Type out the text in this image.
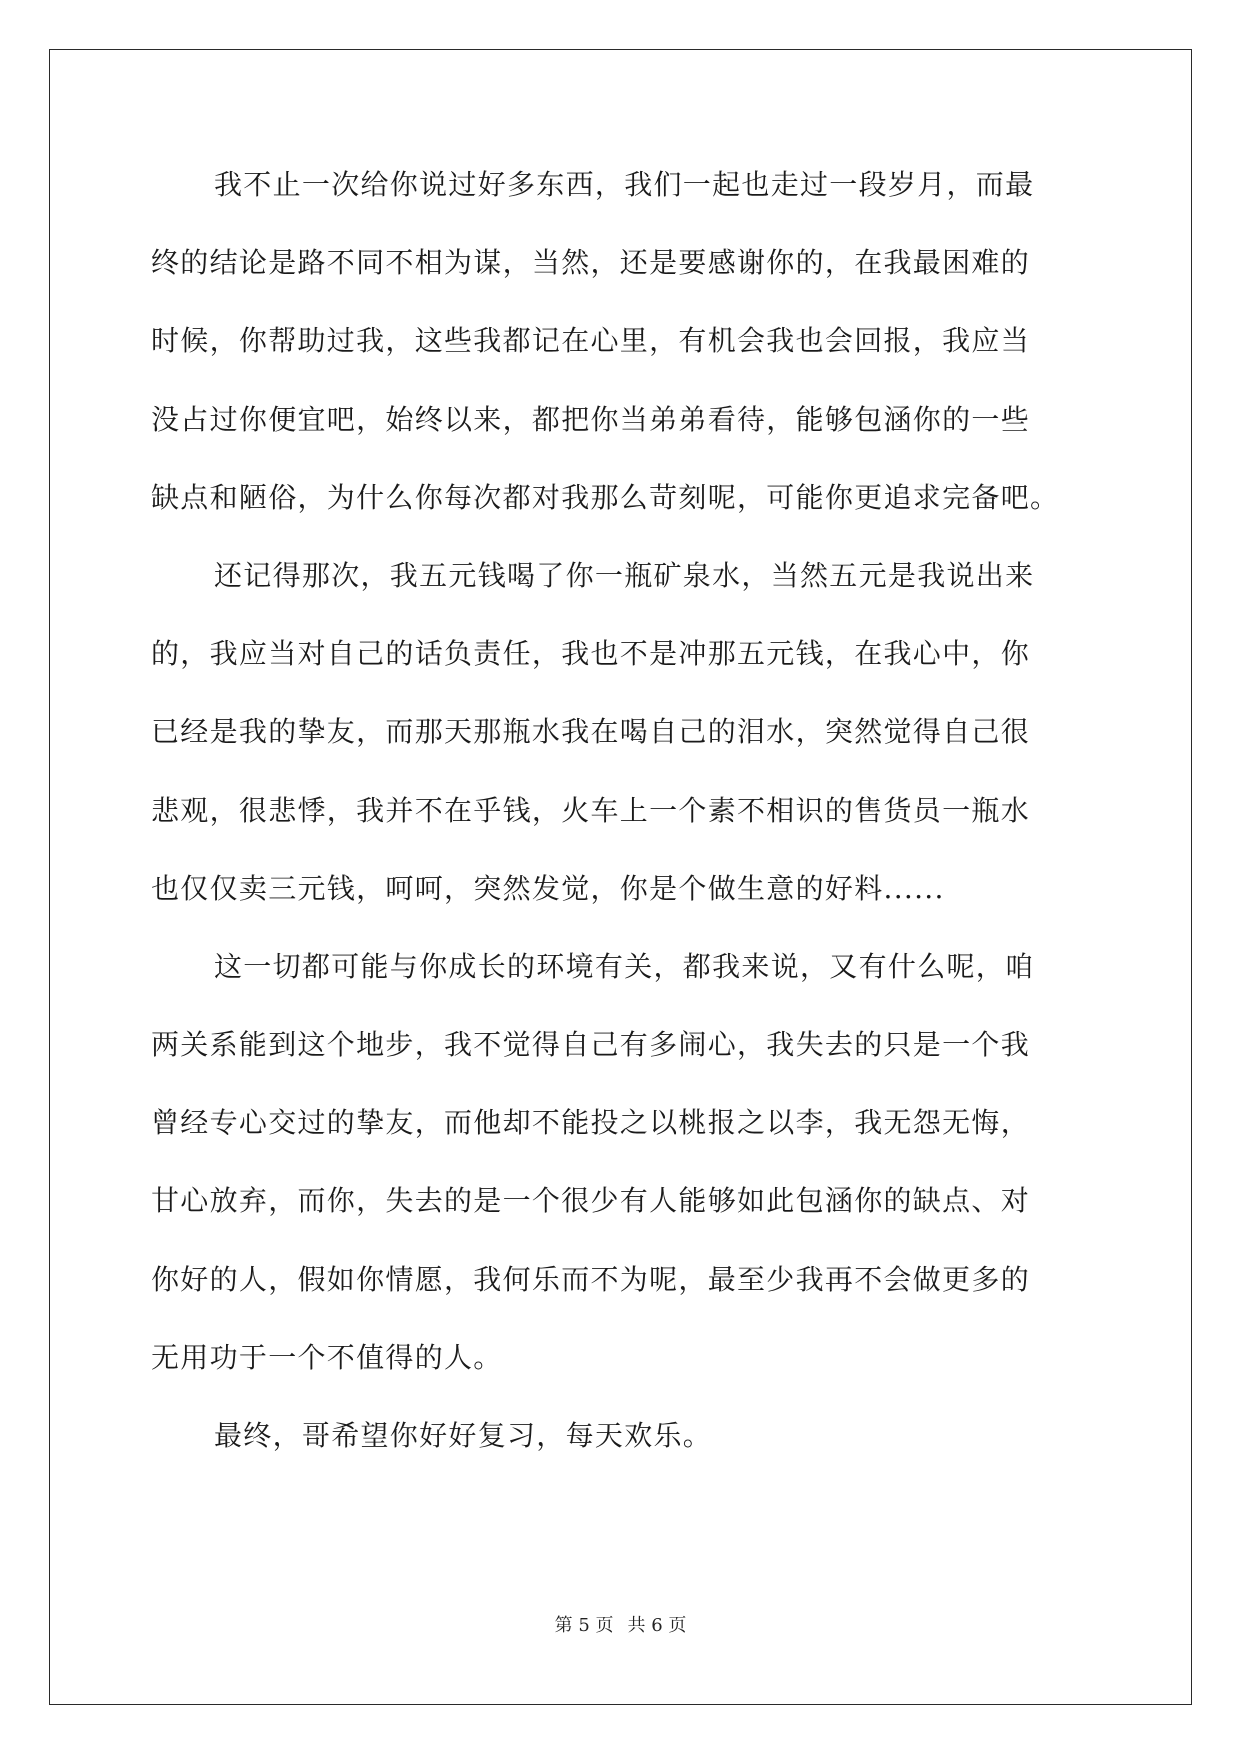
我不止一次给你说过好多东西，我们一起也走过一段岁月，而最
终的结论是路不同不相为谋，当然，还是要感谢你的，在我最困难的
时候，你帮助过我，这些我都记在心里，有机会我也会回报，我应当
没占过你便宜吧，始终以来，都把你当弟弟看待，能够包涵你的一些
缺点和陋俗，为什么你每次都对我那么苛刻呢，可能你更追求完备吧。
还记得那次，我五元钱喝了你一瓶矿泉水，当然五元是我说出来
的，我应当对自己的话负责任，我也不是冲那五元钱，在我心中，你
已经是我的挚友，而那天那瓶水我在喝自己的泪水，突然觉得自己很
悲观，很悲悸，我并不在乎钱，火车上一个素不相识的售货员一瓶水
也仅仅卖三元钱，呵呵，突然发觉，你是个做生意的好料......
这一切都可能与你成长的环境有关，都我来说，又有什么呢，咱
两关系能到这个地步，我不觉得自己有多闹心，我失去的只是一个我
曾经专心交过的挚友，而他却不能投之以桃报之以李，我无怨无悔，
甘心放弃，而你，失去的是一个很少有人能够如此包涵你的缺点、对
你好的人，假如你情愿，我何乐而不为呢，最至少我再不会做更多的
无用功于一个不值得的人。
最终，哥希望你好好复习，每天欢乐。
第 5 页 共 6 页
